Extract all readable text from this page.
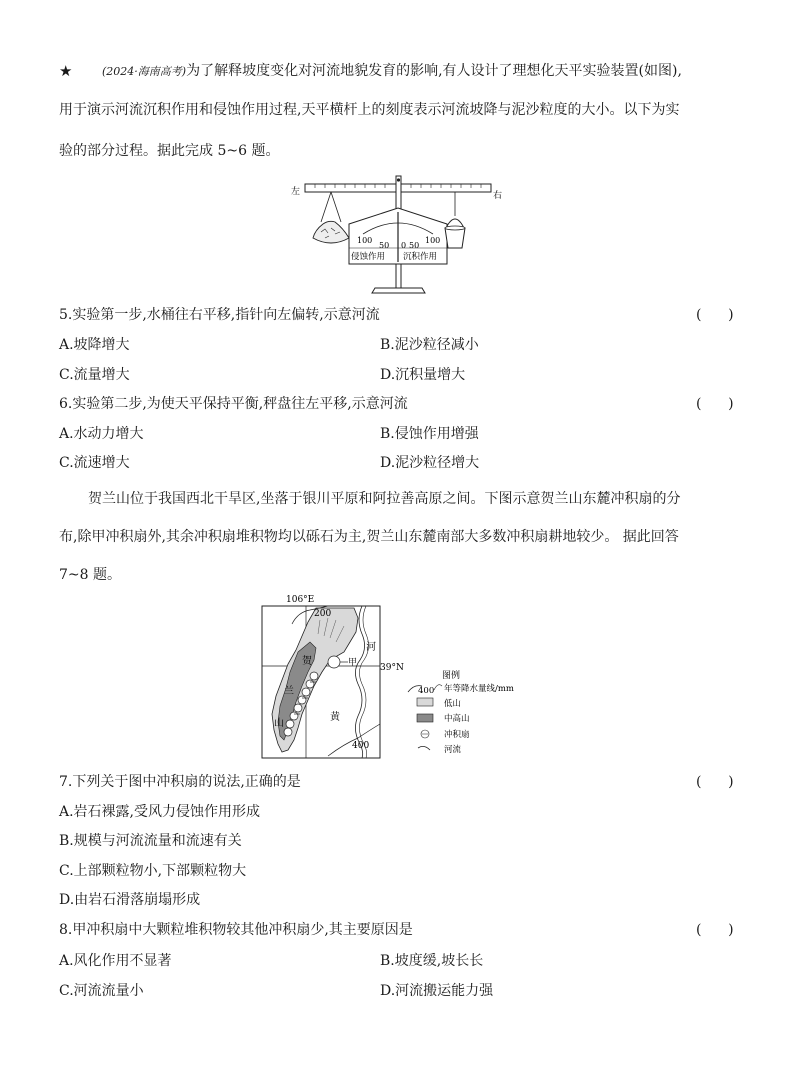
★	(2024·海南高考)为了解释坡度变化对河流地貌发育的影响,有人设计了理想化天平实验装置(如图),
用于演示河流沉积作用和侵蚀作用过程,天平横杆上的刻度表示河流坡降与泥沙粒度的大小。以下为实
验的部分过程。据此完成 5~6 题。
左	右
100
50 0 50
100
侵蚀作用 沉积作用
5.实验第一步,水桶往右平移,指针向左偏转,示意河流	(      )
A.坡降增大	B.泥沙粒径减小
C.流量增大	D.沉积量增大
6.实验第二步,为使天平保持平衡,秤盘往左平移,示意河流	(      )
A.水动力增大	B.侵蚀作用增强
C.流速增大	D.泥沙粒径增大
贺兰山位于我国西北干旱区,坐落于银川平原和阿拉善高原之间。下图示意贺兰山东麓冲积扇的分
布,除甲冲积扇外,其余冲积扇堆积物均以砾石为主,贺兰山东麓南部大多数冲积扇耕地较少。 据此回答
7~8 题。
106°E
39°N
200
400
河
黄
甲
贺
兰
山
图例
400 年等降水量线/mm
低山
中高山
冲积扇
河流
7.下列关于图中冲积扇的说法,正确的是	(      )
A.岩石裸露,受风力侵蚀作用形成
B.规模与河流流量和流速有关
C.上部颗粒物小,下部颗粒物大
D.由岩石滑落崩塌形成
8.甲冲积扇中大颗粒堆积物较其他冲积扇少,其主要原因是	(      )
A.风化作用不显著	B.坡度缓,坡长长
C.河流流量小	D.河流搬运能力强
